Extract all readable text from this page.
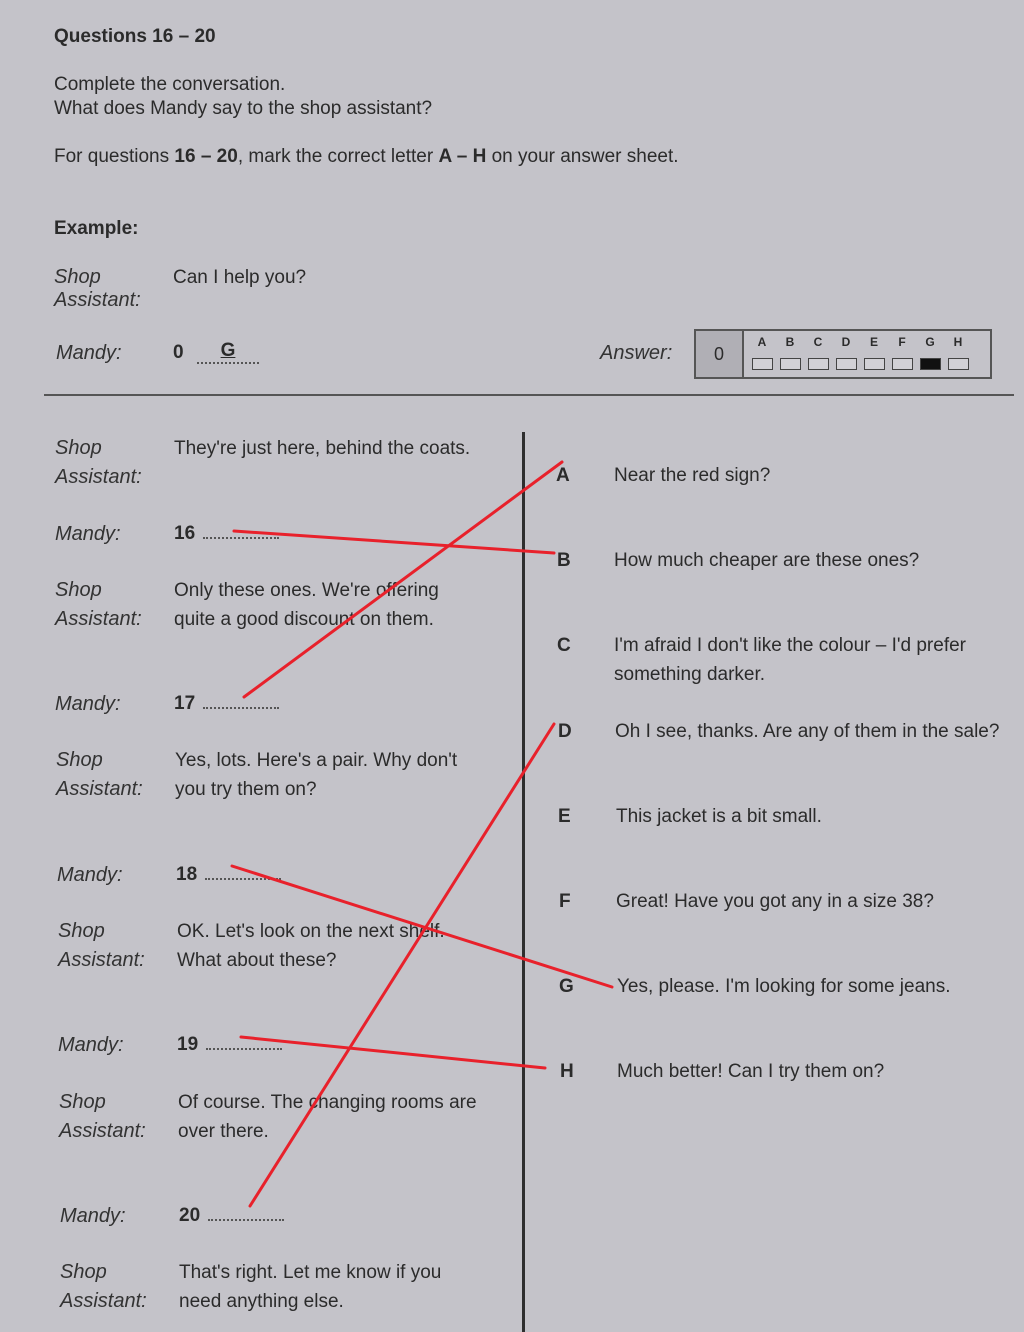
Questions 16 – 20
Complete the conversation.
What does Mandy say to the shop assistant?
For questions 16 – 20, mark the correct letter A – H on your answer sheet.
Example:
Shop
Assistant:
Can I help you?
Mandy:	0	G	Answer:	0
A	B	C	D	E	F	G	H
Shop
Assistant:
They're just here, behind the coats.
Mandy:	16
Shop
Assistant:
Only these ones. We're offering
quite a good discount on them.
Mandy:	17
Shop
Assistant:
Yes, lots. Here's a pair. Why don't
you try them on?
Mandy:	18
Shop
Assistant:
OK. Let's look on the next shelf.
What about these?
Mandy:	19
Shop
Assistant:
Of course. The changing rooms are
over there.
Mandy:	20
Shop
Assistant:
That's right. Let me know if you
need anything else.
A Near the red sign?
B How much cheaper are these ones?
C I'm afraid I don't like the colour – I'd prefer something darker.
D Oh I see, thanks. Are any of them in the sale?
E This jacket is a bit small.
F Great! Have you got any in a size 38?
G Yes, please. I'm looking for some jeans.
H Much better! Can I try them on?
